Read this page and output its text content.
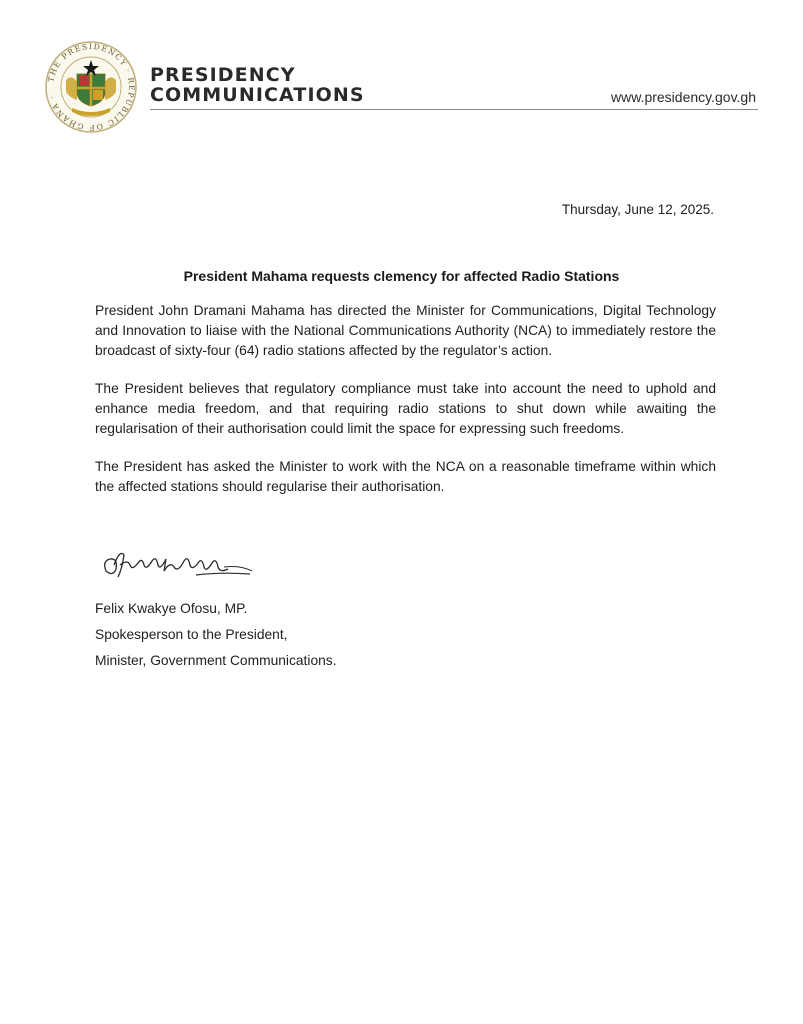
THE PRESIDENCY · REPUBLIC OF GHANA ·
PRESIDENCY
COMMUNICATIONS	www.presidency.gov.gh
Thursday, June 12, 2025.
President Mahama requests clemency for affected Radio Stations

President John Dramani Mahama has directed the Minister for Communications, Digital Technology and Innovation to liaise with the National Communications Authority (NCA) to immediately restore the broadcast of sixty-four (64) radio stations affected by the regulator’s action.

The President believes that regulatory compliance must take into account the need to uphold and enhance media freedom, and that requiring radio stations to shut down while awaiting the regularisation of their authorisation could limit the space for expressing such freedoms.

The President has asked the Minister to work with the NCA on a reasonable timeframe within which the affected stations should regularise their authorisation.

Felix Kwakye Ofosu, MP.
Spokesperson to the President,
Minister, Government Communications.
